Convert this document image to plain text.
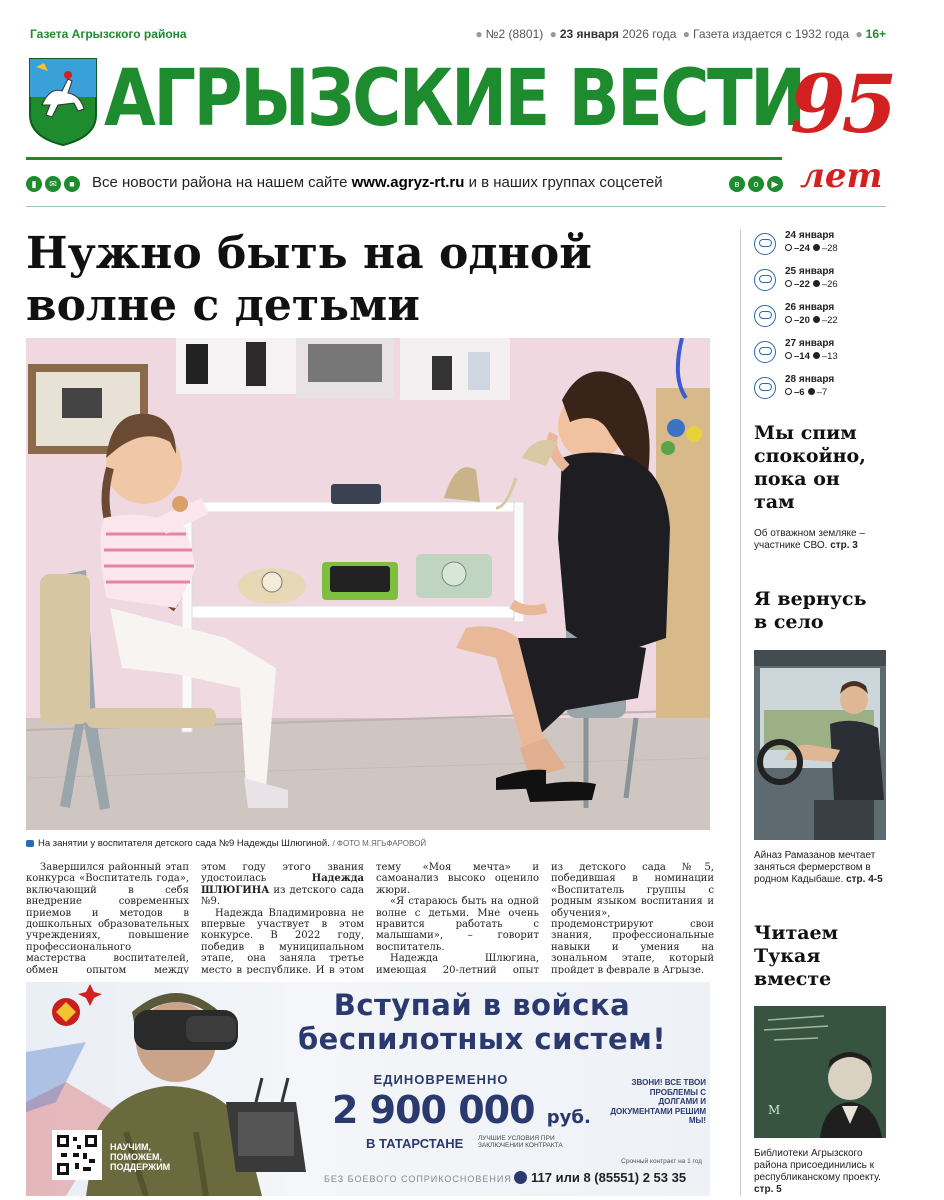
Газета Агрызского района	● №2 (8801) ● 23 января 2026 года ● Газета издается с 1932 года ● 16+
АГРЫЗСКИЕ ВЕСТИ
95
лет
▮ ✉ ■	Все новости района на нашем сайте www.agryz-rt.ru и в наших группах соцсетей	в о ▶
Нужно быть на одной
волне с детьми
На занятии у воспитателя детского сада №9 Надежды Шлюгиной. / ФОТО М.ЯГЬФАРОВОЙ

Завершился районный этап конкурса «Воспитатель года», включающий в себя внедрение современных приемов и методов в дошкольных образовательных учреждениях, повышение профессионального мастерства воспитателей, обмен опытом между

этом году этого звания удостоилась Надежда ШЛЮГИНА из детского сада №9.

Надежда Владимировна не впервые участвует в этом конкурсе. В 2022 году, победив в муниципальном этапе, она заняла третье место в республике. И в этом

тему «Моя мечта» и самоанализ высоко оценило жюри.

«Я стараюсь быть на одной волне с детьми. Мне очень нравится работать с малышами», – говорит воспитатель.

Надежда Шлюгина, имеющая 20-летний опыт

из детского сада №5, победившая в номинации «Воспитатель группы с родным языком воспитания и обучения», продемонстрируют свои знания, профессиональные навыки и умения на зональном этапе, который пройдет в феврале в Агрызе.

НАУЧИМ,
ПОМОЖЕМ,
ПОДДЕРЖИМ
Вступай в войска
беспилотных систем!
ЕДИНОВРЕМЕННО
2 900 000 руб.
В ТАТАРСТАНЕ ЛУЧШИЕ УСЛОВИЯ ПРИ ЗАКЛЮЧЕНИИ КОНТРАКТА
ЗВОНИ! ВСЕ ТВОИ ПРОБЛЕМЫ С ДОЛГАМИ И ДОКУМЕНТАМИ РЕШИМ МЫ!
Срочный контракт на 1 год
БЕЗ БОЕВОГО СОПРИКОСНОВЕНИЯ	117 или 8 (85551) 2 53 35
24 января
–24 –28
25 января
–22 –26
26 января
–20 –22
27 января
–14 –13
28 января
–6 –7
Мы спим спокойно, пока он там
Об отважном земляке – участнике СВО. стр. 3
Я вернусь в село
Айназ Рамазанов мечтает заняться фермерством в родном Кадыбаше. стр. 4-5
Читаем Тукая вместе
M
Библиотеки Агрызского района присоединились к республиканскому проекту. стр. 5
